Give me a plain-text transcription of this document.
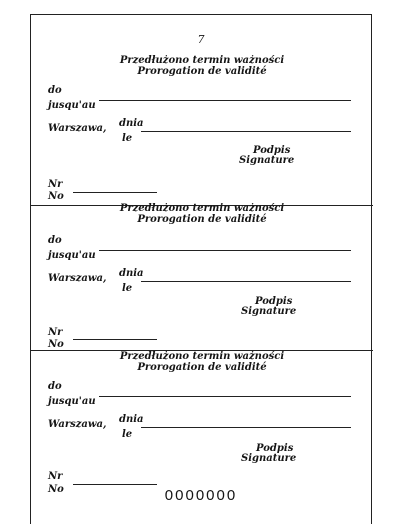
7
Przedłużono termin ważności
Prorogation de validité
do
jusqu'au
Warszawa, dnia
le
Podpis
Signature
Nr
No
Przedłużono termin ważności
Prorogation de validité
do
jusqu'au
Warszawa, dnia
le
Podpis
Signature
Nr
No
Przedłużono termin ważności
Prorogation de validité
do
jusqu'au
Warszawa, dnia
le
Podpis
Signature
Nr
No	0000000
